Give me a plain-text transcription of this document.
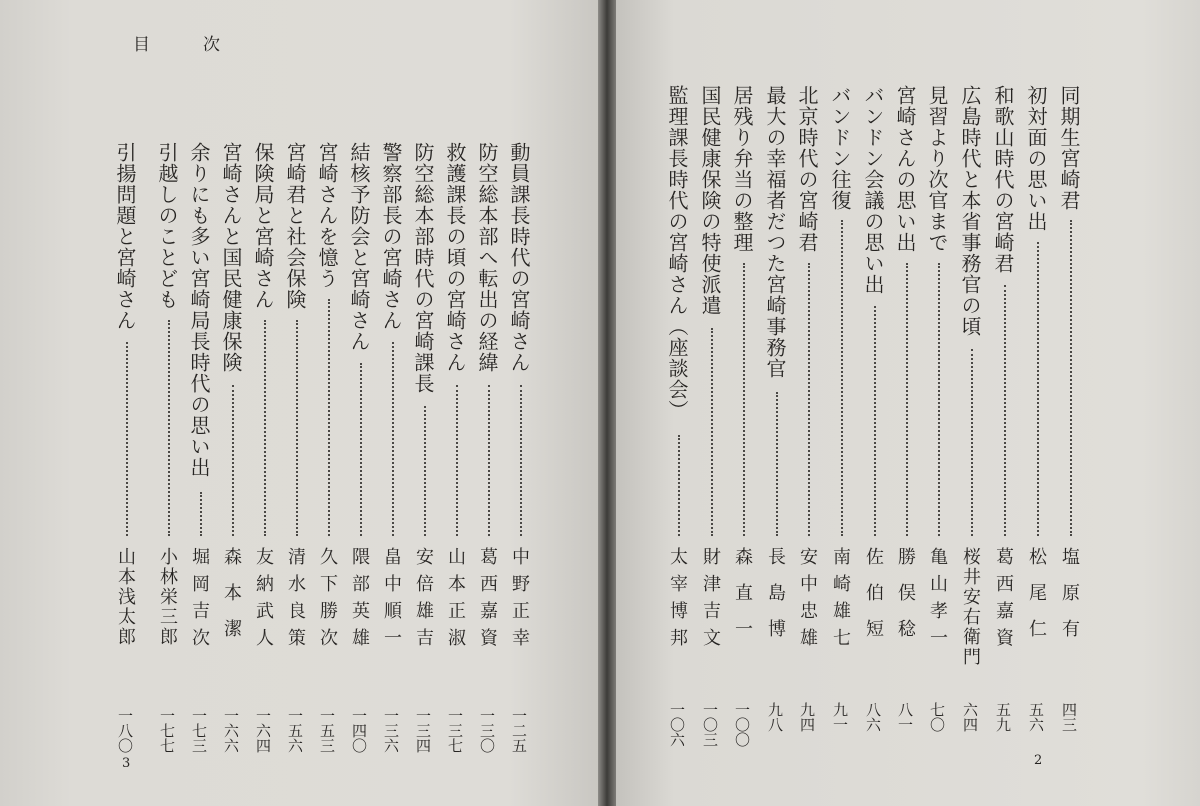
目	次
動員課長時代の宮崎さん
中野正幸
一二五
防空総本部へ転出の経緯
葛西嘉資
一三〇
救護課長の頃の宮崎さん
山本正淑
一三七
防空総本部時代の宮崎課長
安倍雄吉
一三四
警察部長の宮崎さん
畠中順一
一三六
結核予防会と宮崎さん
隈部英雄
一四〇
宮崎さんを憶う
久下勝次
一五三
宮崎君と社会保険
清水良策
一五六
保険局と宮崎さん
友納武人
一六四
宮崎さんと国民健康保険
森本潔
一六六
余りにも多い宮崎局長時代の思い出
堀岡吉次
一七三
引越しのことども
小林栄三郎
一七七
引揚問題と宮崎さん
山本浅太郎
一八〇
3
同期生宮崎君
塩原有
四三
初対面の思い出
松尾仁
五六
和歌山時代の宮崎君
葛西嘉資
五九
広島時代と本省事務官の頃
桜井安右衛門
六四
見習より次官まで
亀山孝一
七〇
宮崎さんの思い出
勝俣稔
八一
バンドン会議の思い出
佐伯短
八六
バンドン往復
南崎雄七
九一
北京時代の宮崎君
安中忠雄
九四
最大の幸福者だつた宮崎事務官
長島博
九八
居残り弁当の整理
森直一
一〇〇
国民健康保険の特使派遣
財津吉文
一〇三
監理課長時代の宮崎さん（座談会）
太宰博邦
一〇六
2
